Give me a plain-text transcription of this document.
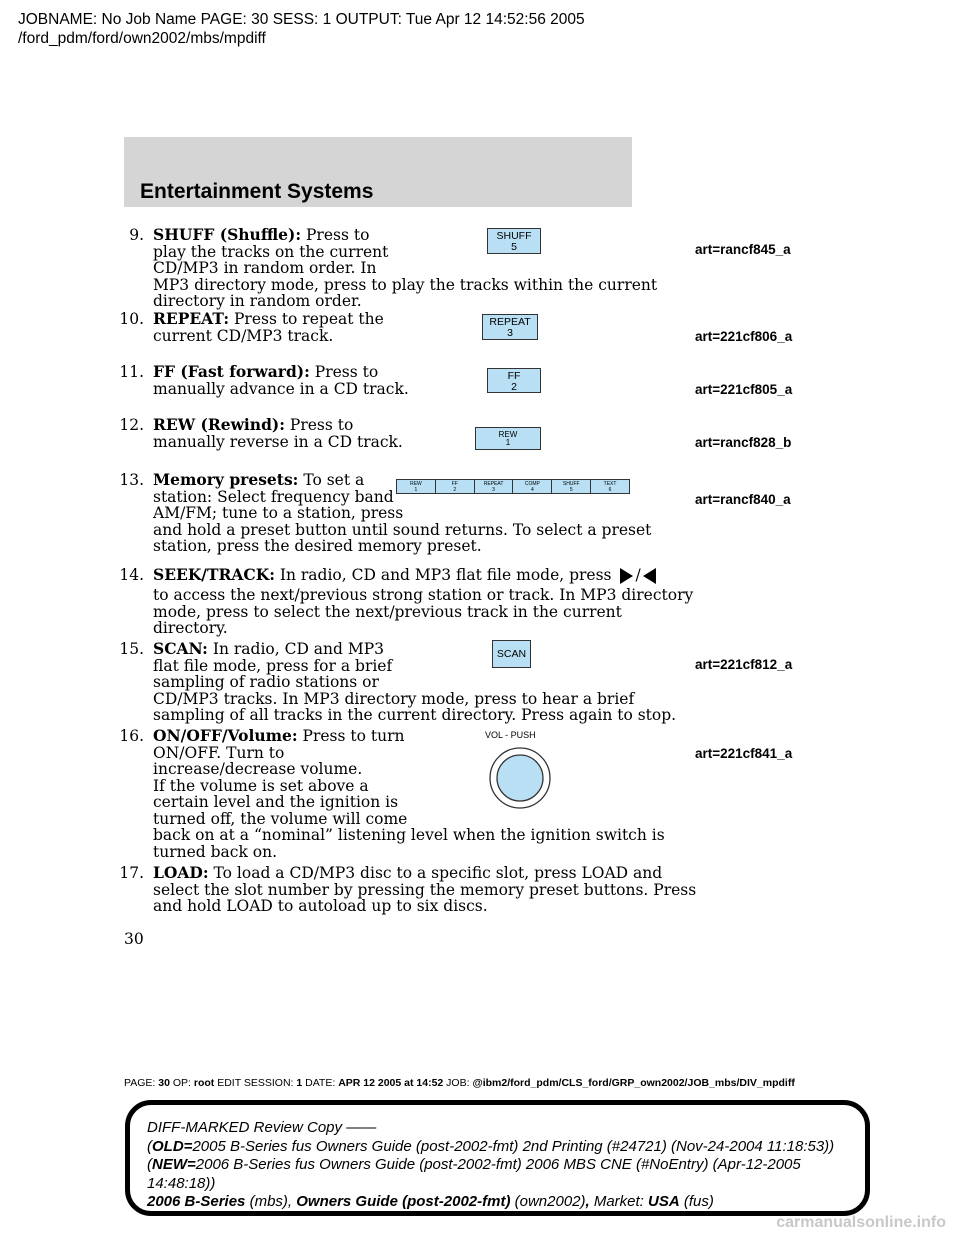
JOBNAME: No Job Name PAGE: 30 SESS: 1 OUTPUT: Tue Apr 12 14:52:56 2005
/ford_pdm/ford/own2002/mbs/mpdiff
Entertainment Systems
9. SHUFF (Shuffle): Press to
play the tracks on the current
CD/MP3 in random order. In
MP3 directory mode, press to play the tracks within the current
directory in random order.
SHUFF
5	art=rancf845_a
10. REPEAT: Press to repeat the
current CD/MP3 track.
REPEAT
3	art=221cf806_a
11. FF (Fast forward): Press to
manually advance in a CD track.
FF
2	art=221cf805_a
12. REW (Rewind): Press to
manually reverse in a CD track.	REW
1	art=rancf828_b
13. Memory presets: To set a
station: Select frequency band
AM/FM; tune to a station, press
and hold a preset button until sound returns. To select a preset
station, press the desired memory preset.
REW
1
FF
2
REPEAT
3
COMP
4
SHUFF
5
TEXT
6
art=rancf840_a
14. SEEK/TRACK: In radio, CD and MP3 flat file mode, press /
to access the next/previous strong station or track. In MP3 directory
mode, press to select the next/previous track in the current
directory.
15. SCAN: In radio, CD and MP3
flat file mode, press for a brief
sampling of radio stations or
CD/MP3 tracks. In MP3 directory mode, press to hear a brief
sampling of all tracks in the current directory. Press again to stop.
SCAN
art=221cf812_a
16. ON/OFF/Volume: Press to turn
ON/OFF. Turn to
increase/decrease volume.
If the volume is set above a
certain level and the ignition is
turned off, the volume will come
back on at a “nominal” listening level when the ignition switch is
turned back on.
VOL - PUSH
art=221cf841_a
17. LOAD: To load a CD/MP3 disc to a specific slot, press LOAD and
select the slot number by pressing the memory preset buttons. Press
and hold LOAD to autoload up to six discs.
30
PAGE: 30 OP: root EDIT SESSION: 1 DATE: APR 12 2005 at 14:52 JOB: @ibm2/ford_pdm/CLS_ford/GRP_own2002/JOB_mbs/DIV_mpdiff
DIFF-MARKED Review Copy ——
(OLD=2005 B-Series fus Owners Guide (post-2002-fmt) 2nd Printing (#24721) (Nov-24-2004 11:18:53))
(NEW=2006 B-Series fus Owners Guide (post-2002-fmt) 2006 MBS CNE (#NoEntry) (Apr-12-2005 14:48:18))
2006 B-Series (mbs), Owners Guide (post-2002-fmt) (own2002), Market: USA (fus)
carmanualsonline.info
